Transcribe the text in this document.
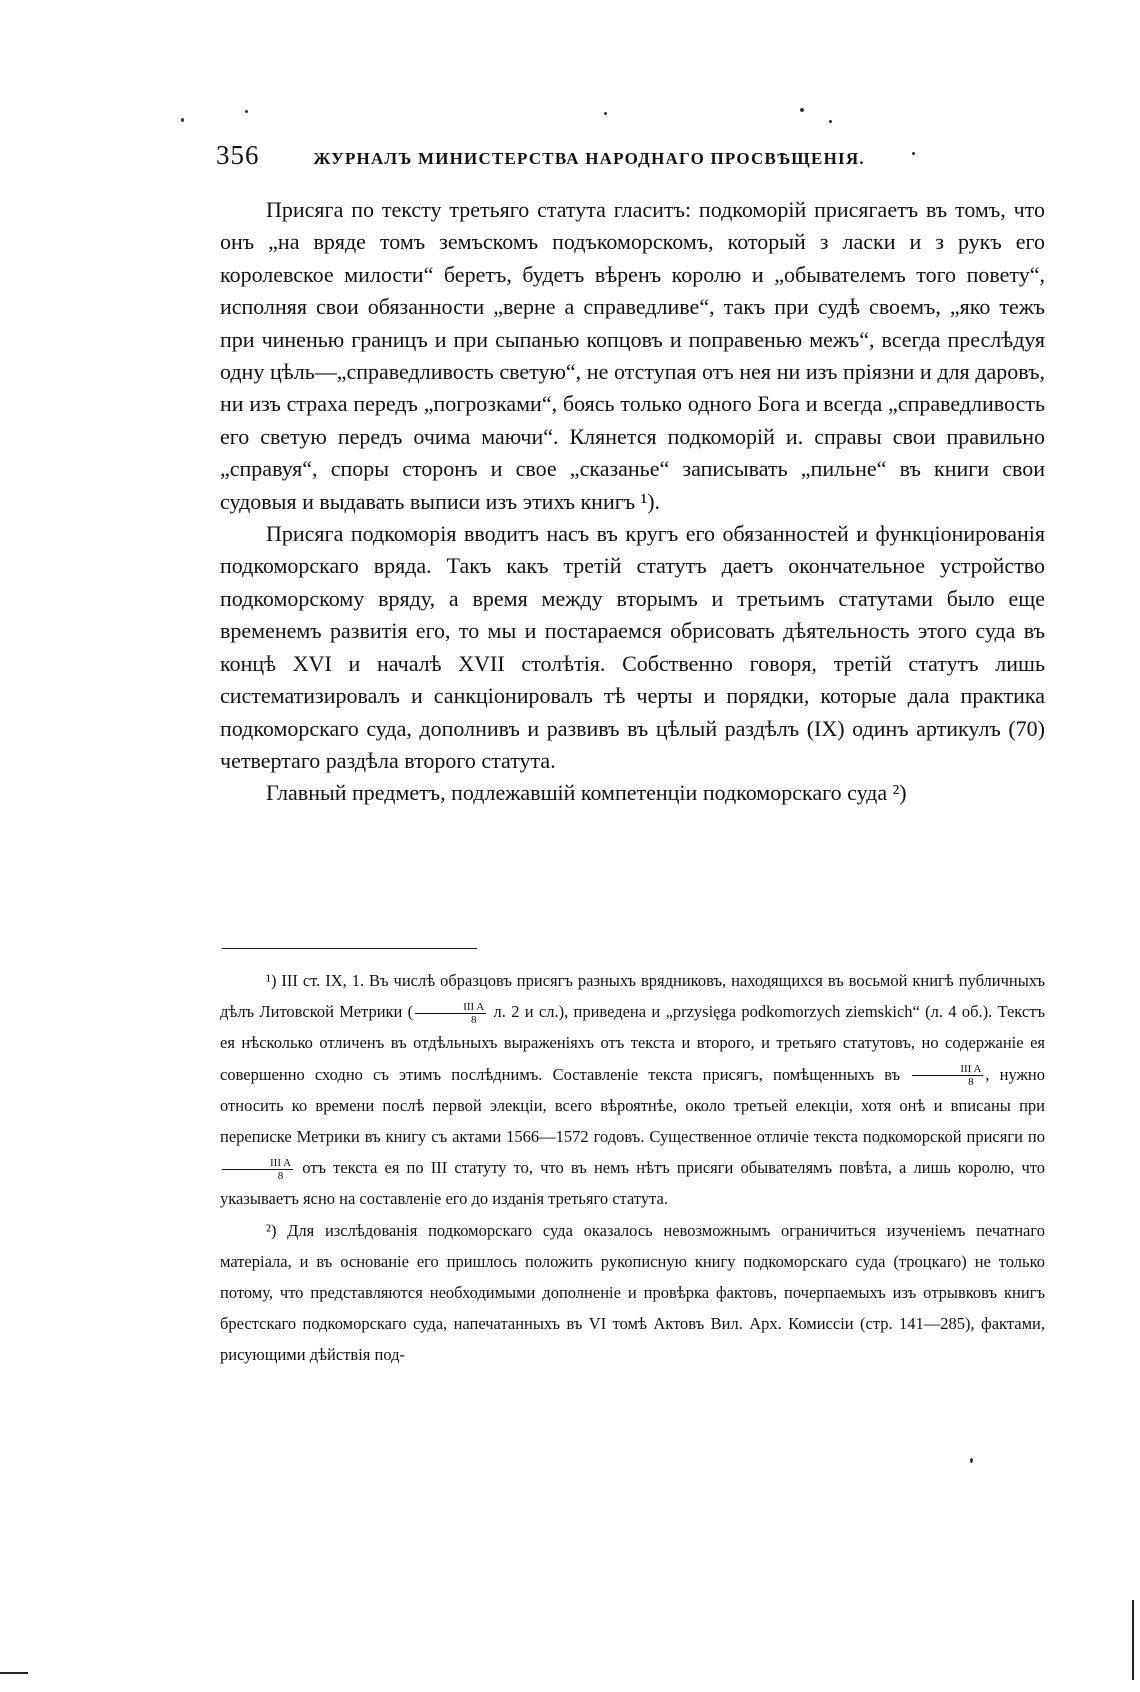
356	ЖУРНАЛЪ МИНИСТЕРСТВА НАРОДНАГО ПРОСВѢЩЕНІЯ.

Присяга по тексту третьяго статута гласитъ: подкоморій присягаетъ въ томъ, что онъ „на вряде томъ земъскомъ подъкоморскомъ, который з ласки и з рукъ его королевское милости“ беретъ, будетъ вѣренъ королю и „обывателемъ того повету“, исполняя свои обязанности „верне а справедливе“, такъ при судѣ своемъ, „яко тежъ при чиненью границъ и при сыпанью копцовъ и поправенью межъ“, всегда преслѣдуя одну цѣль—„справедливость светую“, не отступая отъ нея ни изъ пріязни и для даровъ, ни изъ страха передъ „погрозками“, боясь только одного Бога и всегда „справедливость его светую передъ очима маючи“. Клянется подкоморій и. справы свои правильно „справуя“, споры сторонъ и свое „сказанье“ записывать „пильне“ въ книги свои судовыя и выдавать выписи изъ этихъ книгъ ¹).

Присяга подкоморія вводитъ насъ въ кругъ его обязанностей и функціонированія подкоморскаго вряда. Такъ какъ третій статутъ даетъ окончательное устройство подкоморскому вряду, а время между вторымъ и третьимъ статутами было еще временемъ развитія его, то мы и постараемся обрисовать дѣятельность этого суда въ концѣ XVI и началѣ XVII столѣтія. Собственно говоря, третій статутъ лишь систематизировалъ и санкціонировалъ тѣ черты и порядки, которые дала практика подкоморскаго суда, дополнивъ и развивъ въ цѣлый раздѣлъ (IX) одинъ артикулъ (70) четвертаго раздѣла второго статута.

Главный предметъ, подлежавшій компетенціи подкоморскаго суда ²)

¹) III ст. IX, 1. Въ числѣ образцовъ присягъ разныхъ врядниковъ, находящихся въ восьмой книгѣ публичныхъ дѣлъ Литовской Метрики ( $\frac{\text{III A}}{8} л$. 2 и сл.), приведена и „przysięga podkomorzych ziemskich“ (л. 4 об.). Текстъ ея нѣсколько отличенъ въ отдѣльныхъ выраженіяхъ отъ текста и второго, и третьяго статутовъ, но содержаніе ея совершенно сходно съ этимъ послѣднимъ. Составленіе текста присягъ, помѣщенныхъ въ $\frac{\text{III A}}{8}$ , нужно относить ко времени послѣ первой элекціи, всего вѣроятнѣе, около третьей елекціи, хотя онѣ и вписаны при переписке Метрики въ книгу съ актами 1566—1572 годовъ. Существенное отличіе текста подкоморской присяги по
$\frac{\text{III A}}{8}$ отъ текста ея по III статуту то, что въ немъ нѣтъ присяги обывателямъ повѣта, а лишь королю, что указываетъ ясно на составленіе его до изданія третьяго статута.

²) Для изслѣдованія подкоморскаго суда оказалось невозможнымъ ограничиться изученіемъ печатнаго матеріала, и въ основаніе его пришлось положить рукописную книгу подкоморскаго суда (троцкаго) не только потому, что представляются необходимыми дополненіе и провѣрка фактовъ, почерпаемыхъ изъ отрывковъ книгъ брестскаго подкоморскаго суда, напечатанныхъ въ VI томѣ Актовъ Вил. Арх. Комиссіи (стр. 141—285), фактами, рисующими дѣйствія под-
